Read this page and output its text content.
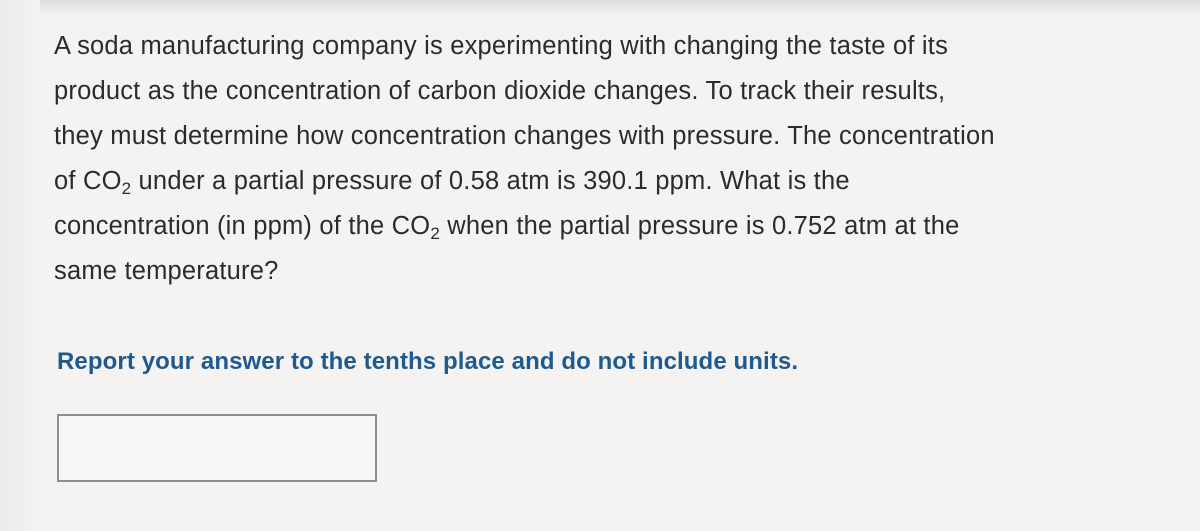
A soda manufacturing company is experimenting with changing the taste of its
product as the concentration of carbon dioxide changes. To track their results,
they must determine how concentration changes with pressure. The concentration
of $CO_2$ under a partial pressure of 0.58 atm is 390.1 ppm. What is the
concentration (in ppm) of the $CO_2$ when the partial pressure is 0.752 atm at the
same temperature?
Report your answer to the tenths place and do not include units.
